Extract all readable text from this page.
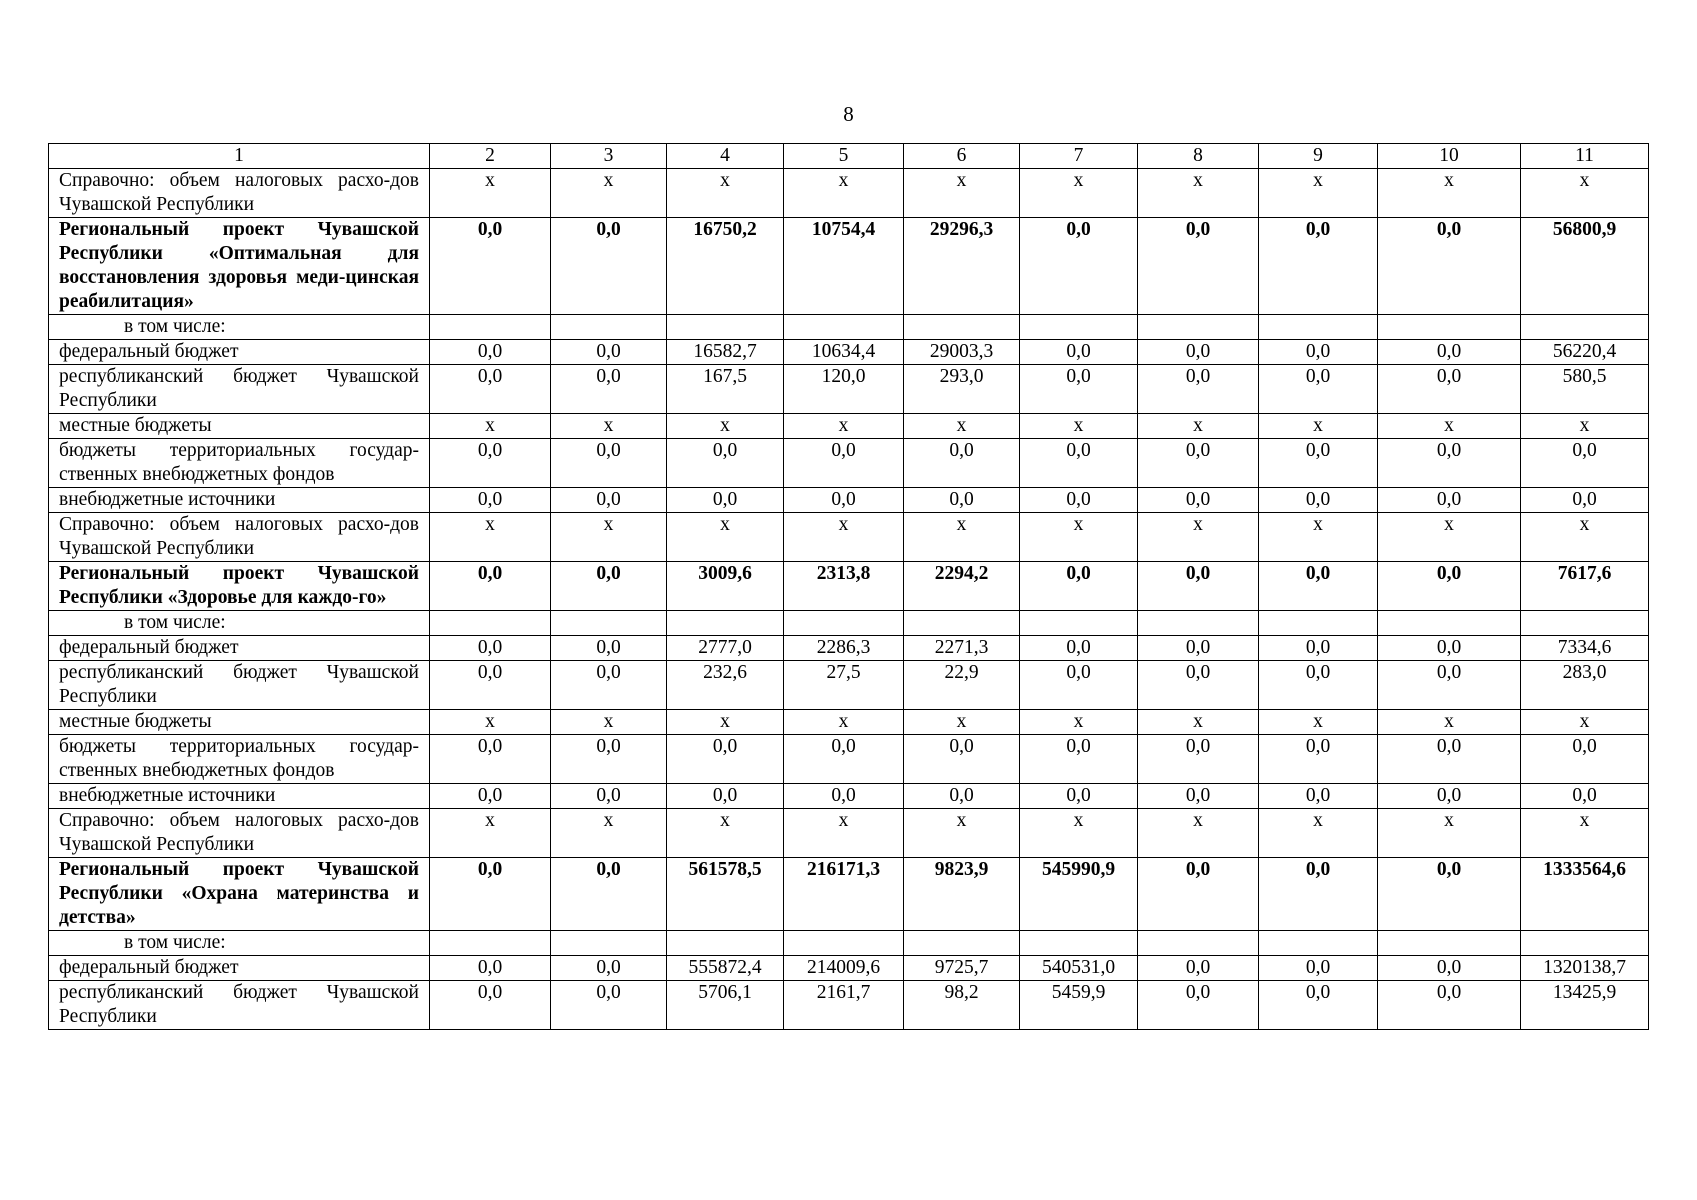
8
1	2	3	4	5	6	7	8	9	10	11
Справочно: объем налоговых расхо-дов Чувашской Республики	х	х	х	х	х	х	х	х	х	х
Региональный проект Чувашской Республики «Оптимальная для восстановления здоровья меди-цинская реабилитация»	0,0	0,0	16750,2	10754,4	29296,3	0,0	0,0	0,0	0,0	56800,9
в том числе:										
федеральный бюджет	0,0	0,0	16582,7	10634,4	29003,3	0,0	0,0	0,0	0,0	56220,4
республиканский бюджет Чувашской Республики	0,0	0,0	167,5	120,0	293,0	0,0	0,0	0,0	0,0	580,5
местные бюджеты	х	х	х	х	х	х	х	х	х	х
бюджеты территориальных государ-ственных внебюджетных фондов	0,0	0,0	0,0	0,0	0,0	0,0	0,0	0,0	0,0	0,0
внебюджетные источники	0,0	0,0	0,0	0,0	0,0	0,0	0,0	0,0	0,0	0,0
Справочно: объем налоговых расхо-дов Чувашской Республики	х	х	х	х	х	х	х	х	х	х
Региональный проект Чувашской Республики «Здоровье для каждо-го»	0,0	0,0	3009,6	2313,8	2294,2	0,0	0,0	0,0	0,0	7617,6
в том числе:										
федеральный бюджет	0,0	0,0	2777,0	2286,3	2271,3	0,0	0,0	0,0	0,0	7334,6
республиканский бюджет Чувашской Республики	0,0	0,0	232,6	27,5	22,9	0,0	0,0	0,0	0,0	283,0
местные бюджеты	х	х	х	х	х	х	х	х	х	х
бюджеты территориальных государ-ственных внебюджетных фондов	0,0	0,0	0,0	0,0	0,0	0,0	0,0	0,0	0,0	0,0
внебюджетные источники	0,0	0,0	0,0	0,0	0,0	0,0	0,0	0,0	0,0	0,0
Справочно: объем налоговых расхо-дов Чувашской Республики	х	х	х	х	х	х	х	х	х	х
Региональный проект Чувашской Республики «Охрана материнства и детства»	0,0	0,0	561578,5	216171,3	9823,9	545990,9	0,0	0,0	0,0	1333564,6
в том числе:										
федеральный бюджет	0,0	0,0	555872,4	214009,6	9725,7	540531,0	0,0	0,0	0,0	1320138,7
республиканский бюджет Чувашской Республики	0,0	0,0	5706,1	2161,7	98,2	5459,9	0,0	0,0	0,0	13425,9
